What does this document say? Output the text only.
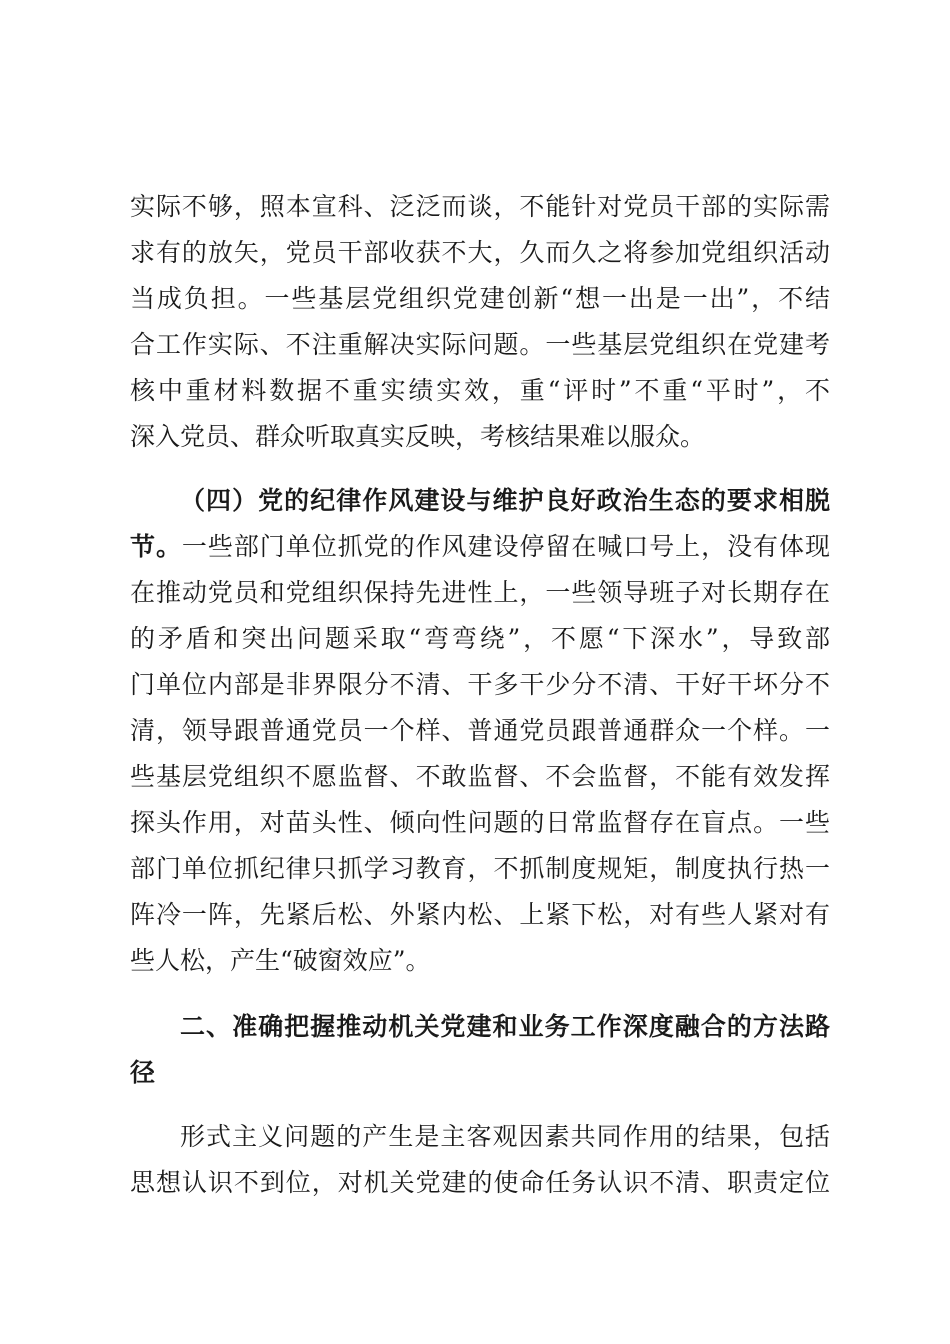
实际不够，照本宣科、泛泛而谈，不能针对党员干部的实际需
求有的放矢，党员干部收获不大，久而久之将参加党组织活动
当成负担。一些基层党组织党建创新“想一出是一出”，不结
合工作实际、不注重解决实际问题。一些基层党组织在党建考
核中重材料数据不重实绩实效，重“评时”不重“平时”，不
深入党员、群众听取真实反映，考核结果难以服众。
（四）党的纪律作风建设与维护良好政治生态的要求相脱
节。一些部门单位抓党的作风建设停留在喊口号上，没有体现
在推动党员和党组织保持先进性上，一些领导班子对长期存在
的矛盾和突出问题采取“弯弯绕”，不愿“下深水”，导致部
门单位内部是非界限分不清、干多干少分不清、干好干坏分不
清，领导跟普通党员一个样、普通党员跟普通群众一个样。一
些基层党组织不愿监督、不敢监督、不会监督，不能有效发挥
探头作用，对苗头性、倾向性问题的日常监督存在盲点。一些
部门单位抓纪律只抓学习教育，不抓制度规矩，制度执行热一
阵冷一阵，先紧后松、外紧内松、上紧下松，对有些人紧对有
些人松，产生“破窗效应”。
二、准确把握推动机关党建和业务工作深度融合的方法路
径
形式主义问题的产生是主客观因素共同作用的结果，包括
思想认识不到位，对机关党建的使命任务认识不清、职责定位
